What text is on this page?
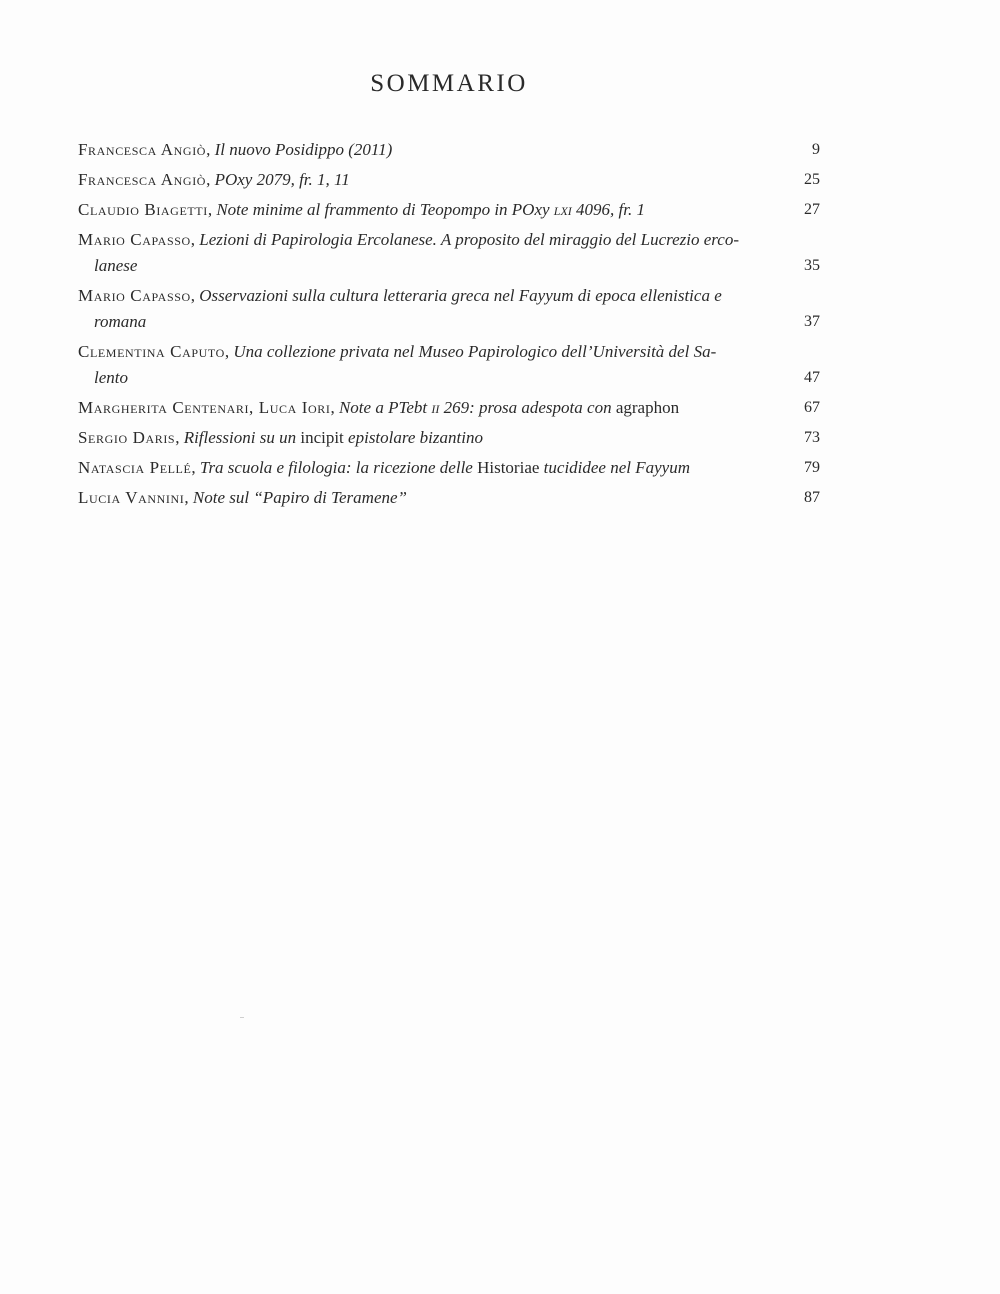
SOMMARIO
Francesca Angiò, Il nuovo Posidippo (2011)	9
Francesca Angiò, POxy 2079, fr. 1, 11	25
Claudio Biagetti, Note minime al frammento di Teopompo in POxy lxi 4096, fr. 1	27
Mario Capasso, Lezioni di Papirologia Ercolanese. A proposito del miraggio del Lucrezio erco-
lanese	35
Mario Capasso, Osservazioni sulla cultura letteraria greca nel Fayyum di epoca ellenistica e
romana	37
Clementina Caputo, Una collezione privata nel Museo Papirologico dell’Università del Sa-
lento	47
Margherita Centenari, Luca Iori, Note a PTebt ii 269: prosa adespota con agraphon	67
Sergio Daris, Riflessioni su un incipit epistolare bizantino	73
Natascia Pellé, Tra scuola e filologia: la ricezione delle Historiae tucididee nel Fayyum	79
Lucia Vannini, Note sul “Papiro di Teramene”	87
